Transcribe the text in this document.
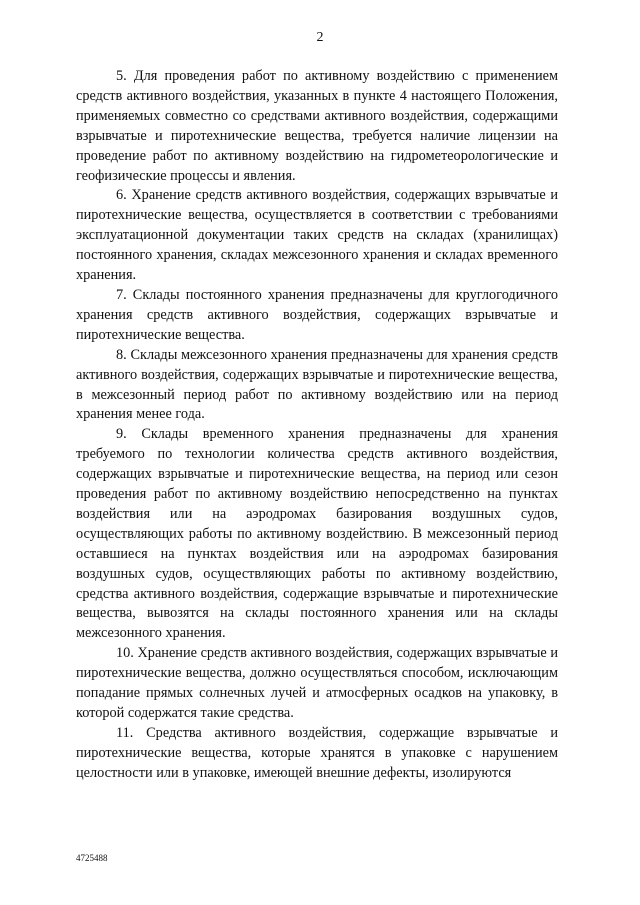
2

5. Для проведения работ по активному воздействию с применением средств активного воздействия, указанных в пункте 4 настоящего Положения, применяемых совместно со средствами активного воздействия, содержащими взрывчатые и пиротехнические вещества, требуется наличие лицензии на проведение работ по активному воздействию на гидрометеорологические и геофизические процессы и явления.

6. Хранение средств активного воздействия, содержащих взрывчатые и пиротехнические вещества, осуществляется в соответствии с требованиями эксплуатационной документации таких средств на складах (хранилищах) постоянного хранения, складах межсезонного хранения и складах временного хранения.

7. Склады постоянного хранения предназначены для круглогодичного хранения средств активного воздействия, содержащих взрывчатые и пиротехнические вещества.

8. Склады межсезонного хранения предназначены для хранения средств активного воздействия, содержащих взрывчатые и пиротехнические вещества, в межсезонный период работ по активному воздействию или на период хранения менее года.

9. Склады временного хранения предназначены для хранения требуемого по технологии количества средств активного воздействия, содержащих взрывчатые и пиротехнические вещества, на период или сезон проведения работ по активному воздействию непосредственно на пунктах воздействия или на аэродромах базирования воздушных судов, осуществляющих работы по активному воздействию. В межсезонный период оставшиеся на пунктах воздействия или на аэродромах базирования воздушных судов, осуществляющих работы по активному воздействию, средства активного воздействия, содержащие взрывчатые и пиротехнические вещества, вывозятся на склады постоянного хранения или на склады межсезонного хранения.

10. Хранение средств активного воздействия, содержащих взрывчатые и пиротехнические вещества, должно осуществляться способом, исключающим попадание прямых солнечных лучей и атмосферных осадков на упаковку, в которой содержатся такие средства.

11. Средства активного воздействия, содержащие взрывчатые и пиротехнические вещества, которые хранятся в упаковке с нарушением целостности или в упаковке, имеющей внешние дефекты, изолируются

4725488
